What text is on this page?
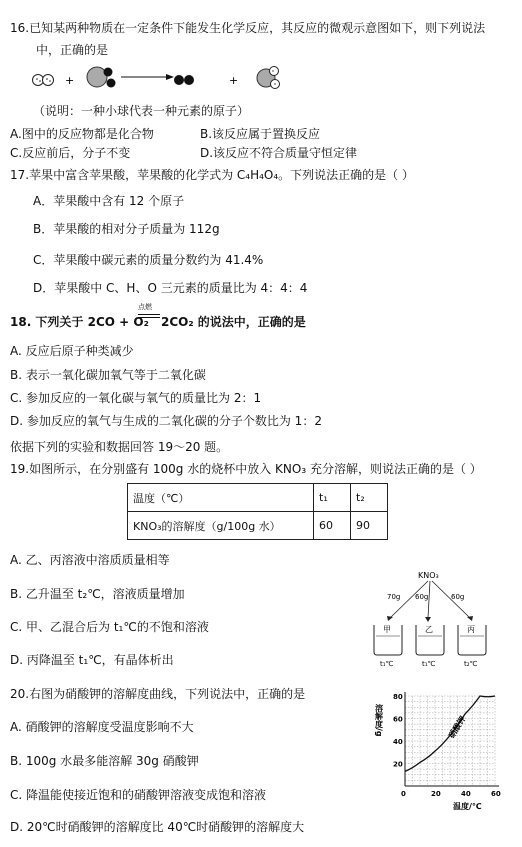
16.已知某两种物质在一定条件下能发生化学反应，其反应的微观示意图如下，则下列说法
中，正确的是
+	+
（说明：一种小球代表一种元素的原子）
A.图中的反应物都是化合物	B.该反应属于置换反应
C.反应前后，分子不变	D.该反应不符合质量守恒定律
17.苹果中富含苹果酸，苹果酸的化学式为 C₄H₄O₄。下列说法正确的是（ ）
A．苹果酸中含有 12 个原子
B．苹果酸的相对分子质量为 112g
C．苹果酸中碳元素的质量分数约为 41.4%
D．苹果酸中 C、H、O 三元素的质量比为 4：4：4
18. 下列关于 2CO + O₂
点燃
2CO₂ 的说法中，正确的是
A. 反应后原子种类减少
B. 表示一氧化碳加氧气等于二氧化碳
C. 参加反应的一氧化碳与氧气的质量比为 2：1
D. 参加反应的氧气与生成的二氧化碳的分子个数比为 1：2
依据下列的实验和数据回答 19～20 题。
19.如图所示，在分别盛有 100g 水的烧杯中放入 KNO₃ 充分溶解，则说法正确的是（ ）
温度（℃）	t₁	t₂
KNO₃的溶解度（g/100g 水）	60	90
A. 乙、丙溶液中溶质质量相等
B. 乙升温至 t₂℃，溶液质量增加
C. 甲、乙混合后为 t₁℃的不饱和溶液
D. 丙降温至 t₁℃，有晶体析出
KNO₃
70g 60g	60g
甲	乙	丙
t₁℃	t₁℃	t₂℃
20.右图为硝酸钾的溶解度曲线，下列说法中，正确的是
A. 硝酸钾的溶解度受温度影响不大
B. 100g 水最多能溶解 30g 硝酸钾
C. 降温能使接近饱和的硝酸钾溶液变成饱和溶液
D. 20℃时硝酸钾的溶解度比 40℃时硝酸钾的溶解度大
0	20	40	60
80
60
40
20
硝酸钾
溶解度/g
温度/℃
